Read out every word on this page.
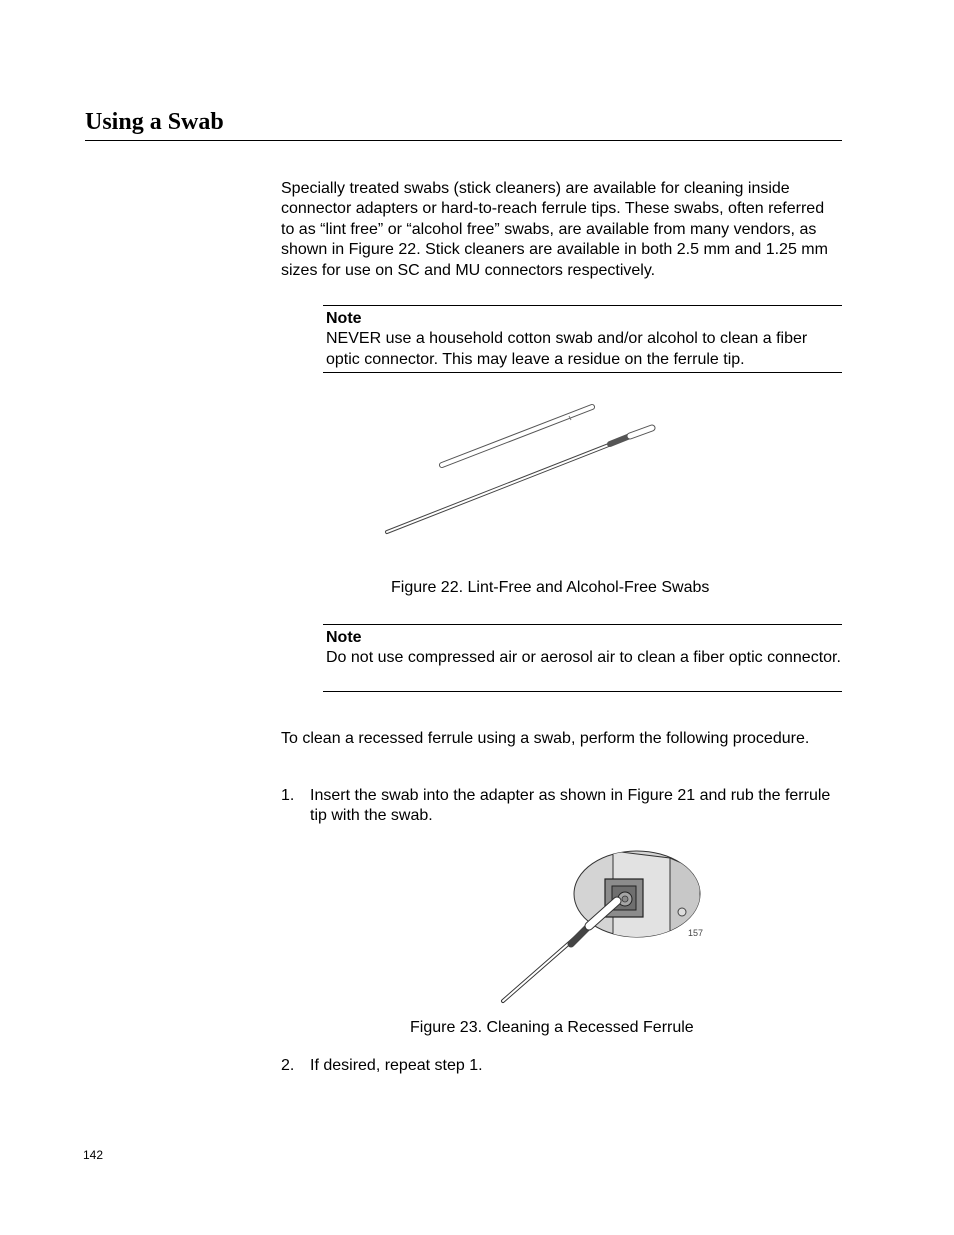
Using a Swab

Specially treated swabs (stick cleaners) are available for cleaning inside connector adapters or hard-to-reach ferrule tips. These swabs, often referred to as “lint free” or “alcohol free” swabs, are available from many vendors, as shown in Figure 22. Stick cleaners are available in both 2.5 mm and 1.25 mm sizes for use on SC and MU connectors respectively.

Note
NEVER use a household cotton swab and/or alcohol to clean a fiber optic connector. This may leave a residue on the ferrule tip.
Figure 22. Lint-Free and Alcohol-Free Swabs
Note
Do not use compressed air or aerosol air to clean a fiber optic connector.

To clean a recessed ferrule using a swab, perform the following procedure.

1. Insert the swab into the adapter as shown in Figure 21 and rub the ferrule tip with the swab.
157
Figure 23. Cleaning a Recessed Ferrule
2. If desired, repeat step 1.
142
